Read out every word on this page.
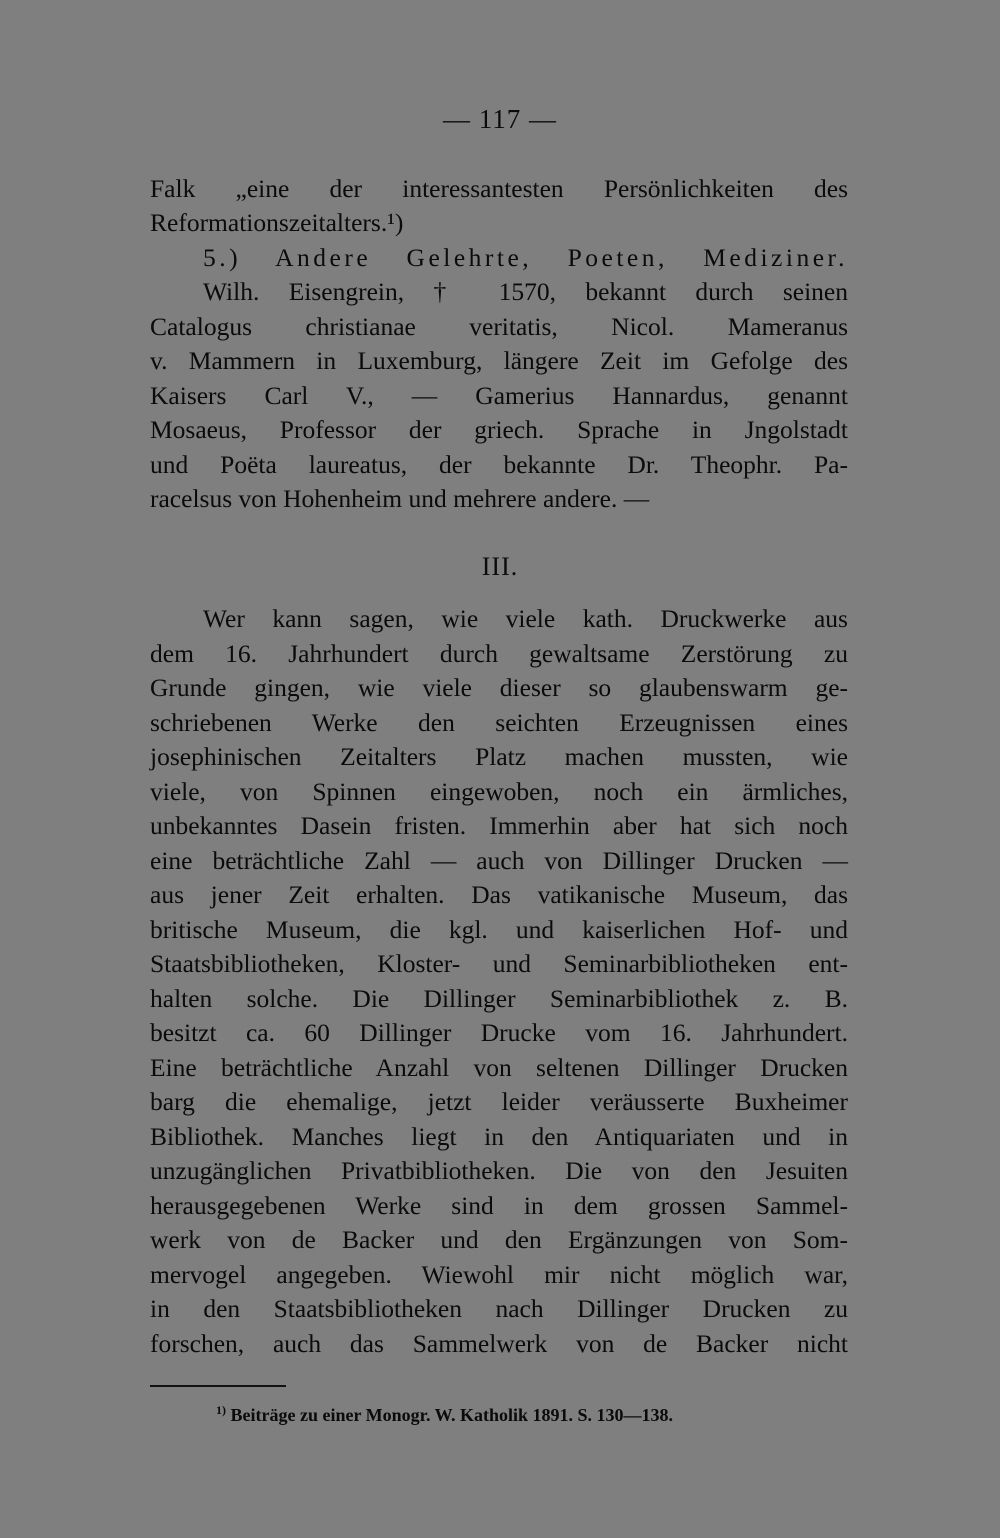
— 117 —
Falk „eine der interessantesten Persönlichkeiten des
Reformationszeitalters.¹)
5.) Andere Gelehrte, Poeten, Mediziner.
Wilh. Eisengrein, † 1570, bekannt durch seinen
Catalogus christianae veritatis, Nicol. Mameranus
v. Mammern in Luxemburg, längere Zeit im Gefolge des
Kaisers Carl V., — Gamerius Hannardus, genannt
Mosaeus, Professor der griech. Sprache in Jngolstadt
und Poëta laureatus, der bekannte Dr. Theophr. Pa-
racelsus von Hohenheim und mehrere andere. —
III.
Wer kann sagen, wie viele kath. Druckwerke aus
dem 16. Jahrhundert durch gewaltsame Zerstörung zu
Grunde gingen, wie viele dieser so glaubenswarm ge-
schriebenen Werke den seichten Erzeugnissen eines
josephinischen Zeitalters Platz machen mussten, wie
viele, von Spinnen eingewoben, noch ein ärmliches,
unbekanntes Dasein fristen. Immerhin aber hat sich noch
eine beträchtliche Zahl — auch von Dillinger Drucken —
aus jener Zeit erhalten. Das vatikanische Museum, das
britische Museum, die kgl. und kaiserlichen Hof- und
Staatsbibliotheken, Kloster- und Seminarbibliotheken ent-
halten solche. Die Dillinger Seminarbibliothek z. B.
besitzt ca. 60 Dillinger Drucke vom 16. Jahrhundert.
Eine beträchtliche Anzahl von seltenen Dillinger Drucken
barg die ehemalige, jetzt leider veräusserte Buxheimer
Bibliothek. Manches liegt in den Antiquariaten und in
unzugänglichen Privatbibliotheken. Die von den Jesuiten
herausgegebenen Werke sind in dem grossen Sammel-
werk von de Backer und den Ergänzungen von Som-
mervogel angegeben. Wiewohl mir nicht möglich war,
in den Staatsbibliotheken nach Dillinger Drucken zu
forschen, auch das Sammelwerk von de Backer nicht
$^{1)}$ Beiträge zu einer Monogr. W. Katholik 1891. S. 130—138.
